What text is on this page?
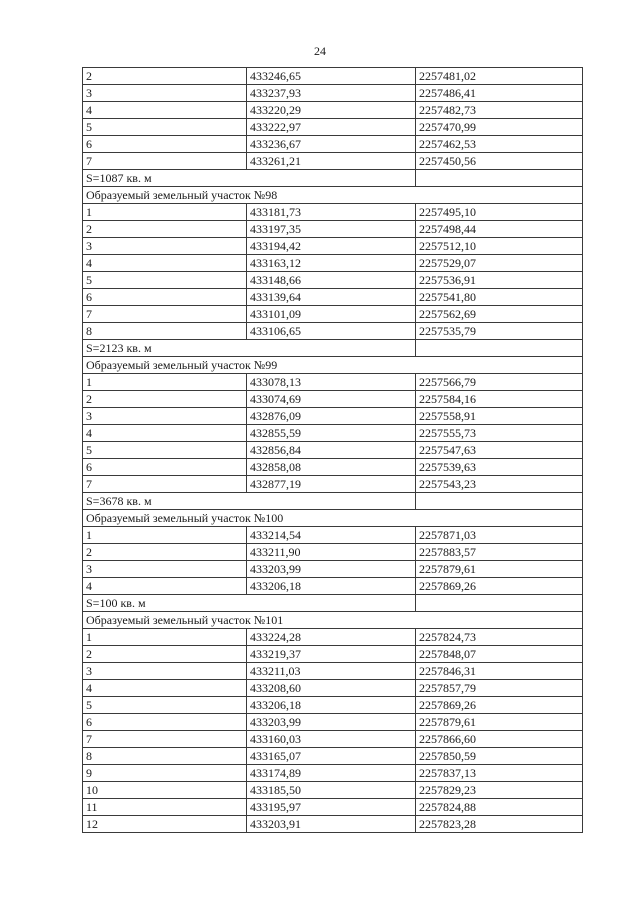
24
2	433246,65	2257481,02
3	433237,93	2257486,41
4	433220,29	2257482,73
5	433222,97	2257470,99
6	433236,67	2257462,53
7	433261,21	2257450,56
S=1087 кв. м		
Образуемый земельный участок №98		
1	433181,73	2257495,10
2	433197,35	2257498,44
3	433194,42	2257512,10
4	433163,12	2257529,07
5	433148,66	2257536,91
6	433139,64	2257541,80
7	433101,09	2257562,69
8	433106,65	2257535,79
S=2123 кв. м		
Образуемый земельный участок №99		
1	433078,13	2257566,79
2	433074,69	2257584,16
3	432876,09	2257558,91
4	432855,59	2257555,73
5	432856,84	2257547,63
6	432858,08	2257539,63
7	432877,19	2257543,23
S=3678 кв. м		
Образуемый земельный участок №100		
1	433214,54	2257871,03
2	433211,90	2257883,57
3	433203,99	2257879,61
4	433206,18	2257869,26
S=100 кв. м		
Образуемый земельный участок №101		
1	433224,28	2257824,73
2	433219,37	2257848,07
3	433211,03	2257846,31
4	433208,60	2257857,79
5	433206,18	2257869,26
6	433203,99	2257879,61
7	433160,03	2257866,60
8	433165,07	2257850,59
9	433174,89	2257837,13
10	433185,50	2257829,23
11	433195,97	2257824,88
12	433203,91	2257823,28
